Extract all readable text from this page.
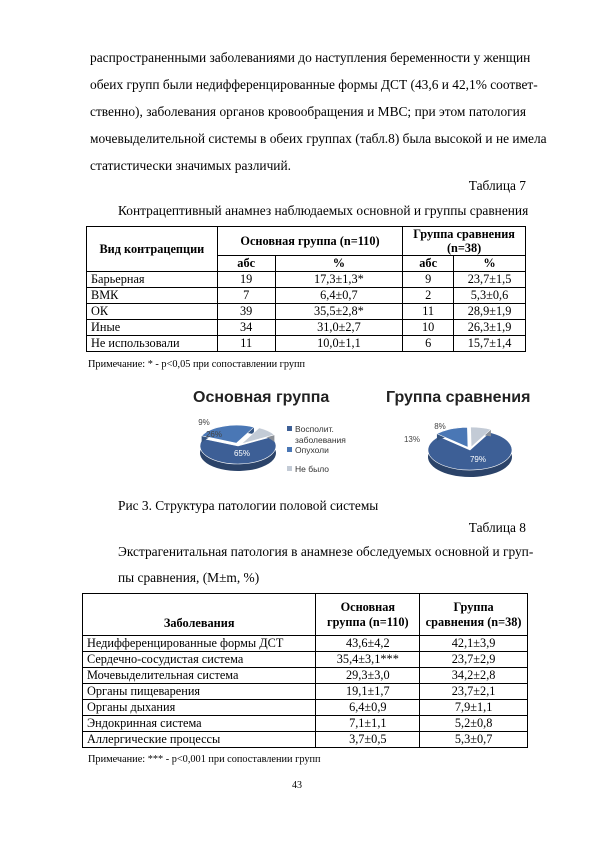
распространенными заболеваниями до наступления беременности у женщин
обеих групп были недифференцированные формы ДСТ (43,6 и 42,1% соответ-
ственно), заболевания органов кровообращения и МВС; при этом патология
мочевыделительной системы в обеих группах (табл.8) была высокой и не имела
статистически значимых различий.
Таблица 7
Контрацептивный анамнез наблюдаемых основной и группы сравнения
Вид контрацепции	Основная группа (n=110)		Группа сравнения (n=38)	
	абс	%	абс	%
Барьерная	19	17,3±1,3*	9	23,7±1,5
ВМК	7	6,4±0,7	2	5,3±0,6
ОК	39	35,5±2,8*	11	28,9±1,9
Иные	34	31,0±2,7	10	26,3±1,9
Не использовали	11	10,0±1,1	6	15,7±1,4
Примечание: * - р<0,05 при сопоставлении групп
Основная группа
65%
26%
9%
Восполит.
заболевания
Опухоли
Не было
Группа сравнения
79%
13%
8%
Рис 3. Структура патологии половой системы
Таблица 8
Экстрагенитальная патология в анамнезе обследуемых основной и груп-
пы сравнения, (М±m, %)
Заболевания	Основная группа (n=110)	Группа сравнения (n=38)
Недифференцированные формы ДСТ	43,6±4,2	42,1±3,9
Сердечно-сосудистая система	35,4±3,1***	23,7±2,9
Мочевыделительная система	29,3±3,0	34,2±2,8
Органы пищеварения	19,1±1,7	23,7±2,1
Органы дыхания	6,4±0,9	7,9±1,1
Эндокринная система	7,1±1,1	5,2±0,8
Аллергические процессы	3,7±0,5	5,3±0,7
Примечание: *** - р<0,001 при сопоставлении групп
43
